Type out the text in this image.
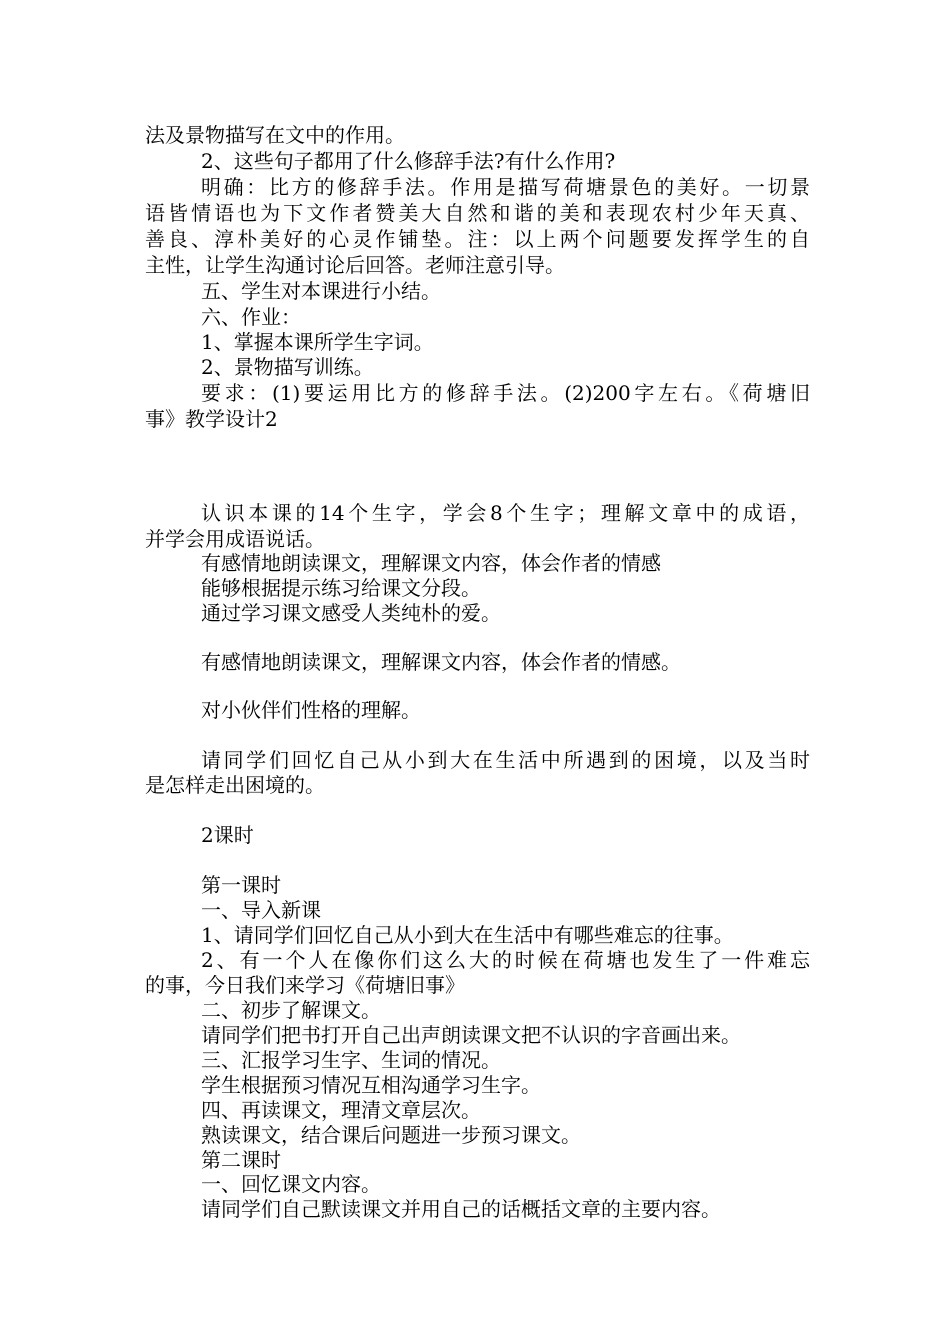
法及景物描写在文中的作用。
2、这些句子都用了什么修辞手法?有什么作用?
明确：比方的修辞手法。作用是描写荷塘景色的美好。一切景
语皆情语也为下文作者赞美大自然和谐的美和表现农村少年天真、
善良、淳朴美好的心灵作铺垫。注：以上两个问题要发挥学生的自
主性，让学生沟通讨论后回答。老师注意引导。
五、学生对本课进行小结。
六、作业：
1、掌握本课所学生字词。
2、景物描写训练。
要求：(1)要运用比方的修辞手法。(2)200字左右。《荷塘旧
事》教学设计2
认识本课的14个生字，学会8个生字；理解文章中的成语，
并学会用成语说话。
有感情地朗读课文，理解课文内容，体会作者的情感
能够根据提示练习给课文分段。
通过学习课文感受人类纯朴的爱。
有感情地朗读课文，理解课文内容，体会作者的情感。
对小伙伴们性格的理解。
请同学们回忆自己从小到大在生活中所遇到的困境，以及当时
是怎样走出困境的。
2课时
第一课时
一、导入新课
1、请同学们回忆自己从小到大在生活中有哪些难忘的往事。
2、有一个人在像你们这么大的时候在荷塘也发生了一件难忘
的事，今日我们来学习《荷塘旧事》
二、初步了解课文。
请同学们把书打开自己出声朗读课文把不认识的字音画出来。
三、汇报学习生字、生词的情况。
学生根据预习情况互相沟通学习生字。
四、再读课文，理清文章层次。
熟读课文，结合课后问题进一步预习课文。
第二课时
一、回忆课文内容。
请同学们自己默读课文并用自己的话概括文章的主要内容。
